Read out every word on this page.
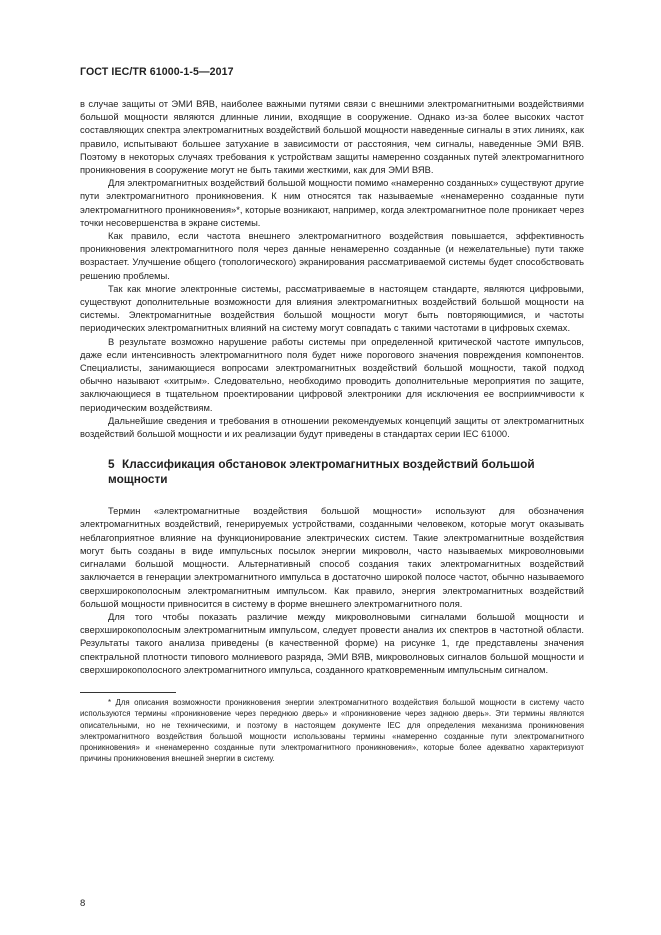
ГОСТ IEC/TR 61000-1-5—2017

в случае защиты от ЭМИ ВЯВ, наиболее важными путями связи с внешними электромагнитными воздействиями большой мощности являются длинные линии, входящие в сооружение. Однако из-за более высоких частот составляющих спектра электромагнитных воздействий большой мощности наведенные сигналы в этих линиях, как правило, испытывают большее затухание в зависимости от расстояния, чем сигналы, наведенные ЭМИ ВЯВ. Поэтому в некоторых случаях требования к устройствам защиты намеренно созданных путей электромагнитного проникновения в сооружение могут не быть такими жесткими, как для ЭМИ ВЯВ.

Для электромагнитных воздействий большой мощности помимо «намеренно созданных» существуют другие пути электромагнитного проникновения. К ним относятся так называемые «ненамеренно созданные пути электромагнитного проникновения»*, которые возникают, например, когда электромагнитное поле проникает через точки несовершенства в экране системы.

Как правило, если частота внешнего электромагнитного воздействия повышается, эффективность проникновения электромагнитного поля через данные ненамеренно созданные (и нежелательные) пути также возрастает. Улучшение общего (топологического) экранирования рассматриваемой системы будет способствовать решению проблемы.

Так как многие электронные системы, рассматриваемые в настоящем стандарте, являются цифровыми, существуют дополнительные возможности для влияния электромагнитных воздействий большой мощности на системы. Электромагнитные воздействия большой мощности могут быть повторяющимися, и частоты периодических электромагнитных влияний на систему могут совпадать с такими частотами в цифровых схемах.

В результате возможно нарушение работы системы при определенной критической частоте импульсов, даже если интенсивность электромагнитного поля будет ниже порогового значения повреждения компонентов. Специалисты, занимающиеся вопросами электромагнитных воздействий большой мощности, такой подход обычно называют «хитрым». Следовательно, необходимо проводить дополнительные мероприятия по защите, заключающиеся в тщательном проектировании цифровой электроники для исключения ее восприимчивости к периодическим воздействиям.

Дальнейшие сведения и требования в отношении рекомендуемых концепций защиты от электромагнитных воздействий большой мощности и их реализации будут приведены в стандартах серии IEC 61000.

5 Классификация обстановок электромагнитных воздействий большой мощности

Термин «электромагнитные воздействия большой мощности» используют для обозначения электромагнитных воздействий, генерируемых устройствами, созданными человеком, которые могут оказывать неблагоприятное влияние на функционирование электрических систем. Такие электромагнитные воздействия могут быть созданы в виде импульсных посылок энергии микроволн, часто называемых микроволновыми сигналами большой мощности. Альтернативный способ создания таких электромагнитных воздействий заключается в генерации электромагнитного импульса в достаточно широкой полосе частот, обычно называемого сверхширокополосным электромагнитным импульсом. Как правило, энергия электромагнитных воздействий большой мощности привносится в систему в форме внешнего электромагнитного поля.

Для того чтобы показать различие между микроволновыми сигналами большой мощности и сверхширокополосным электромагнитным импульсом, следует провести анализ их спектров в частотной области. Результаты такого анализа приведены (в качественной форме) на рисунке 1, где представлены значения спектральной плотности типового молниевого разряда, ЭМИ ВЯВ, микроволновых сигналов большой мощности и сверхширокополосного электромагнитного импульса, созданного кратковременным импульсным сигналом.

* Для описания возможности проникновения энергии электромагнитного воздействия большой мощности в систему часто используются термины «проникновение через переднюю дверь» и «проникновение через заднюю дверь». Эти термины являются описательными, но не техническими, и поэтому в настоящем документе IEC для определения механизма проникновения электромагнитного воздействия большой мощности использованы термины «намеренно созданные пути электромагнитного проникновения» и «ненамеренно созданные пути электромагнитного проникновения», которые более адекватно характеризуют причины проникновения внешней энергии в систему.

8
